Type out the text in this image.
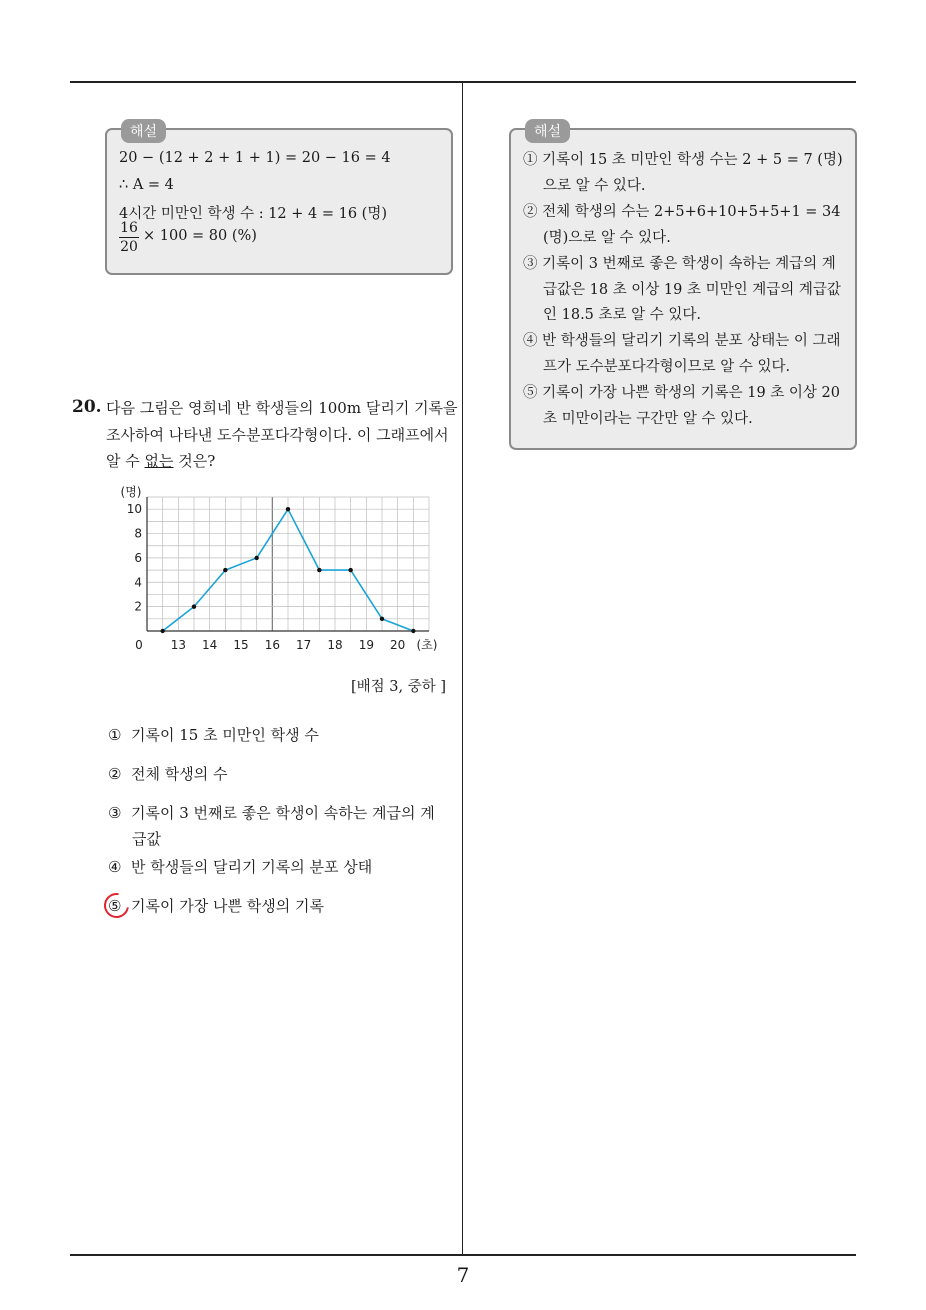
해설
20 − (12 + 2 + 1 + 1) = 20 − 16 = 4
∴ A = 4
4시간 미만인 학생 수 : 12 + 4 = 16 (명)
$\frac{16}{20} \times 100 = 80$ (%)
해설
① 기록이 15 초 미만인 학생 수는 2 + 5 = 7 (명)으로 알 수 있다.
② 전체 학생의 수는 2+5+6+10+5+5+1 = 34 (명)으로 알 수 있다.
③ 기록이 3 번째로 좋은 학생이 속하는 계급의 계급값은 18 초 이상 19 초 미만인 계급의 계급값인 18.5 초로 알 수 있다.
④ 반 학생들의 달리기 기록의 분포 상태는 이 그래프가 도수분포다각형이므로 알 수 있다.
⑤ 기록이 가장 나쁜 학생의 기록은 19 초 이상 20 초 미만이라는 구간만 알 수 있다.
20. 다음 그림은 영희네 반 학생들의 100m 달리기 기록을 조사하여 나타낸 도수분포다각형이다. 이 그래프에서 알 수 없는 것은?
2
4
6
8
10
13 14 15 16 17 18 19 20
0
(명)
(초)
[배점 3, 중하 ]
① 기록이 15 초 미만인 학생 수
② 전체 학생의 수
③ 기록이 3 번째로 좋은 학생이 속하는 계급의 계급값
④ 반 학생들의 달리기 기록의 분포 상태
⑤ 기록이 가장 나쁜 학생의 기록
7
